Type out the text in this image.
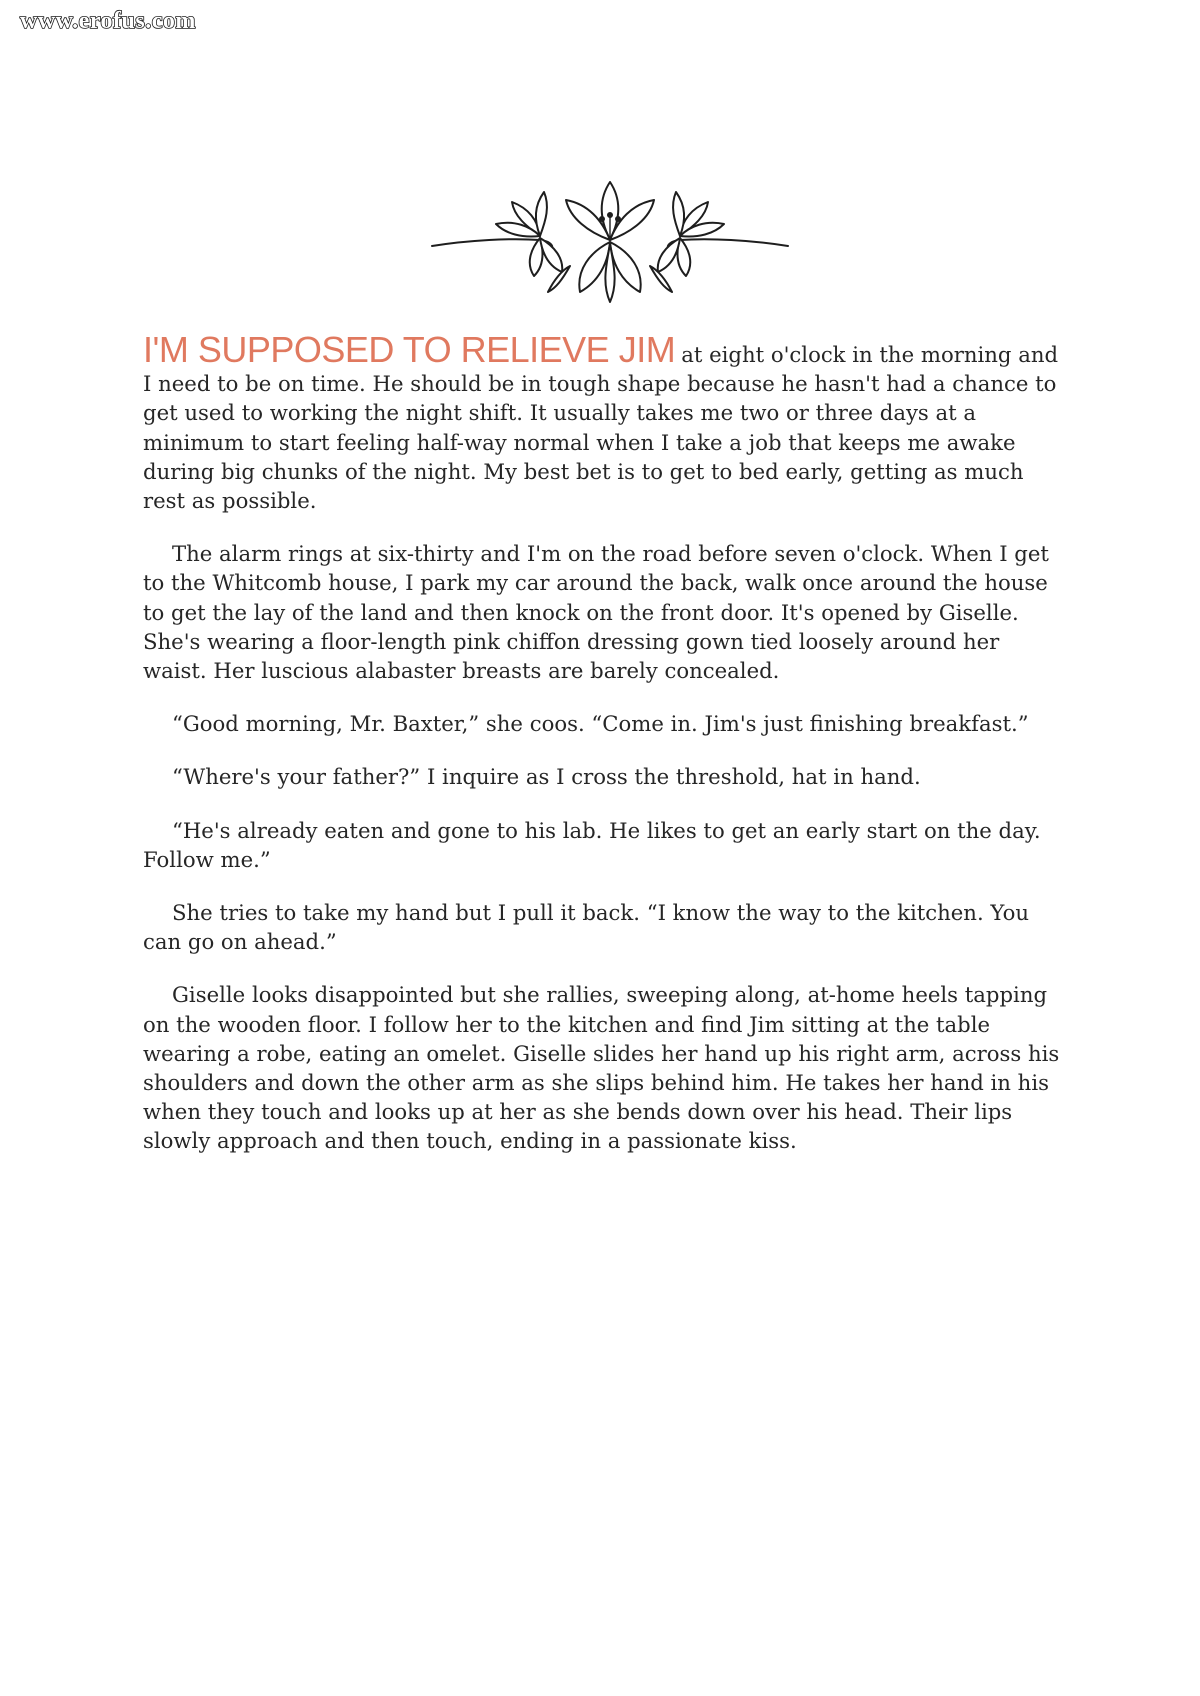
www.erofus.com

I'M SUPPOSED TO RELIEVE JIM at eight o'clock in the morning and I need to be on time. He should be in tough shape because he hasn't had a chance to get used to working the night shift. It usually takes me two or three days at a minimum to start feeling half-way normal when I take a job that keeps me awake during big chunks of the night. My best bet is to get to bed early, getting as much rest as possible.

The alarm rings at six-thirty and I'm on the road before seven o'clock. When I get to the Whitcomb house, I park my car around the back, walk once around the house to get the lay of the land and then knock on the front door. It's opened by Giselle. She's wearing a floor-length pink chiffon dressing gown tied loosely around her waist. Her luscious alabaster breasts are barely concealed.

“Good morning, Mr. Baxter,” she coos. “Come in. Jim's just finishing breakfast.”

“Where's your father?” I inquire as I cross the threshold, hat in hand.

“He's already eaten and gone to his lab. He likes to get an early start on the day. Follow me.”

She tries to take my hand but I pull it back. “I know the way to the kitchen. You can go on ahead.”

Giselle looks disappointed but she rallies, sweeping along, at-home heels tapping on the wooden floor. I follow her to the kitchen and find Jim sitting at the table wearing a robe, eating an omelet. Giselle slides her hand up his right arm, across his shoulders and down the other arm as she slips behind him. He takes her hand in his when they touch and looks up at her as she bends down over his head. Their lips slowly approach and then touch, ending in a passionate kiss.
